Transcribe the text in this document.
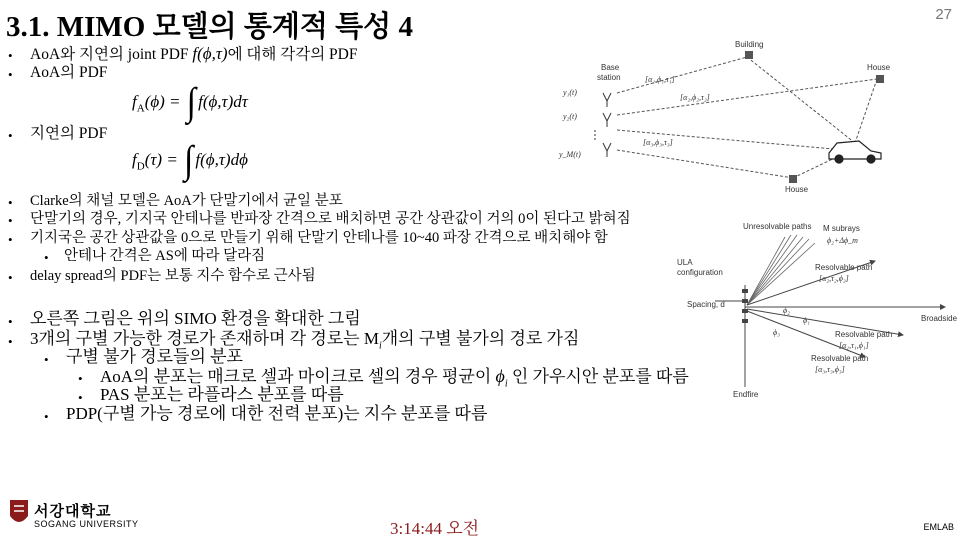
3.1. MIMO 모델의 통계적 특성 4	27
• AoA와 지연의 joint PDF f(ϕ,τ)에 대해 각각의 PDF
• AoA의 PDF
$f_A(\phi)$ = ∫ f(ϕ,τ)dτ
• 지연의 PDF
$f_D(\tau)$ = ∫ f(ϕ,τ)dϕ
• Clarke의 채널 모델은 AoA가 단말기에서 균일 분포
• 단말기의 경우, 기지국 안테나를 반파장 간격으로 배치하면 공간 상관값이 거의 0이 된다고 밝혀짐
• 기지국은 공간 상관값을 0으로 만들기 위해 단말기 안테나를 10~40 파장 간격으로 배치해야 함
• 안테나 간격은 AS에 따라 달라짐
• delay spread의 PDF는 보통 지수 함수로 근사됨
• 오른쪽 그림은 위의 SIMO 환경을 확대한 그림
• 3개의 구별 가능한 경로가 존재하며 각 경로는 $M_i$개의 구별 불가의 경로 가짐
• 구별 불가 경로들의 분포
• AoA의 분포는 매크로 셀과 마이크로 셀의 경우 평균이 $\phi_i$ 인 가우시안 분포를 따름
• PAS 분포는 라플라스 분포를 따름
• PDP(구별 가능 경로에 대한 전력 분포)는 지수 분포를 따름
Building
House
Base
station
y₁(t)
y₂(t)
y_M(t)
[α₁,ϕ₁,τ₁]
[α₂,ϕ₂,τ₂]
[α₃,ϕ₃,τ₃]
House
Unresolvable paths M subrays
ϕ₂+Δϕ_m
ULA
configuration
Resolvable path
[α₂,τ₂,ϕ₂]
Spacing, d
Broadside
Resolvable path
[α₁,τ₁,ϕ₁]
Resolvable path
[α₃,τ₃,ϕ₃]
Endfire
ϕ₁
ϕ₂
ϕ₃
서강대학교
SOGANG UNIVERSITY	3:14:44 오전	EMLAB
